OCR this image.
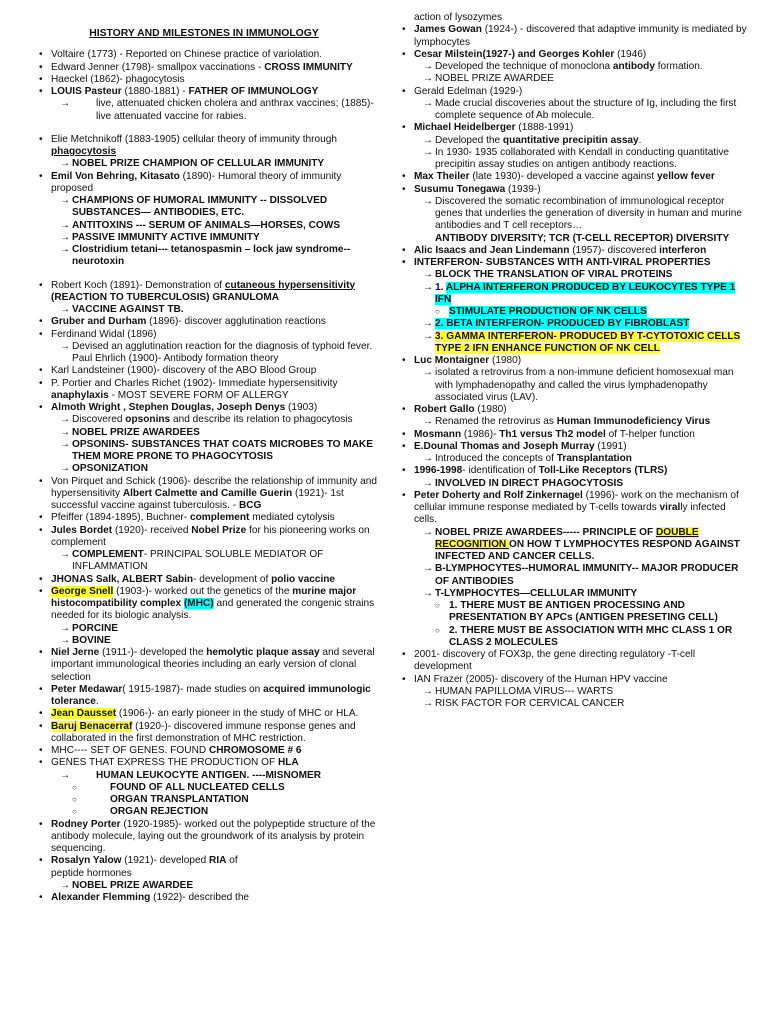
HISTORY AND MILESTONES IN IMMUNOLOGY
• Voltaire (1773) - Reported on Chinese practice of variolation.
• Edward Jenner (1798)- smallpox vaccinations - CROSS IMMUNITY
• Haeckel (1862)- phagocytosis
• LOUIS Pasteur (1880-1881) - FATHER OF IMMUNOLOGY
→ live, attenuated chicken cholera and anthrax vaccines; (1885)- live attenuated vaccine for rabies.
• Elie Metchnikoff (1883-1905) cellular theory of immunity through phagocytosis
→ NOBEL PRIZE CHAMPION OF CELLULAR IMMUNITY
• Emil Von Behring, Kitasato (1890)- Humoral theory of immunity proposed
→ CHAMPIONS OF HUMORAL IMMUNITY -- DISSOLVED SUBSTANCES— ANTIBODIES, ETC.
→ ANTITOXINS --- SERUM OF ANIMALS—HORSES, COWS
→ PASSIVE IMMUNITY ACTIVE IMMUNITY
→ Clostridium tetani--- tetanospasmin – lock jaw syndrome-- neurotoxin
• Robert Koch (1891)- Demonstration of cutaneous hypersensitivity (REACTION TO TUBERCULOSIS) GRANULOMA
→ VACCINE AGAINST TB.
• Gruber and Durham (1896)- discover agglutination reactions
• Ferdinand Widal (1896)
→ Devised an agglutination reaction for the diagnosis of typhoid fever. Paul Ehrlich (1900)- Antibody formation theory
• Karl Landsteiner (1900)- discovery of the ABO Blood Group
• P. Portier and Charles Richet (1902)- Immediate hypersensitivity anaphylaxis - MOST SEVERE FORM OF ALLERGY
• Almoth Wright , Stephen Douglas, Joseph Denys (1903)
→ Discovered opsonins and describe its relation to phagocytosis
→ NOBEL PRIZE AWARDEES
→ OPSONINS- SUBSTANCES THAT COATS MICROBES TO MAKE THEM MORE PRONE TO PHAGOCYTOSIS
→ OPSONIZATION
• Von Pirquet and Schick (1906)- describe the relationship of immunity and hypersensitivity Albert Calmette and Camille Guerin (1921)- 1st successful vaccine against tuberculosis. - BCG
• Pfeiffer (1894-1895), Buchner- complement mediated cytolysis
• Jules Bordet (1920)- received Nobel Prize for his pioneering works on complement
→ COMPLEMENT- PRINCIPAL SOLUBLE MEDIATOR OF INFLAMMATION
• JHONAS Salk, ALBERT Sabin- development of polio vaccine
• George Snell (1903-)- worked out the genetics of the murine major histocompatibility complex (MHC) and generated the congenic strains needed for its biologic analysis.
→ PORCINE
→ BOVINE
• Niel Jerne (1911-)- developed the hemolytic plaque assay and several important immunological theories including an early version of clonal selection
• Peter Medawar( 1915-1987)- made studies on acquired immunologic tolerance.
• Jean Dausset (1906-)- an early pioneer in the study of MHC or HLA.
• Baruj Benacerraf (1920-)- discovered immune response genes and collaborated in the first demonstration of MHC restriction.
• MHC---- SET OF GENES. FOUND CHROMOSOME # 6
• GENES THAT EXPRESS THE PRODUCTION OF HLA
→ HUMAN LEUKOCYTE ANTIGEN. ----MISNOMER
○ FOUND OF ALL NUCLEATED CELLS
○ ORGAN TRANSPLANTATION
○ ORGAN REJECTION
• Rodney Porter (1920-1985)- worked out the polypeptide structure of the antibody molecule, laying out the groundwork of its analysis by protein sequencing.
• Rosalyn Yalow (1921)- developed RIA of
peptide hormones
→ NOBEL PRIZE AWARDEE
• Alexander Flemming (1922)- described the
action of lysozymes
• James Gowan (1924-) - discovered that adaptive immunity is mediated by lymphocytes
• Cesar Milstein(1927-) and Georges Kohler (1946)
→ Developed the technique of monoclona antibody formation.
→ NOBEL PRIZE AWARDEE
• Gerald Edelman (1929-)
→ Made crucial discoveries about the structure of Ig, including the first complete sequence of Ab molecule.
• Michael Heidelberger (1888-1991)
→ Developed the quantitative precipitin assay.
→ In 1930- 1935 collaborated with Kendall in conducting quantitative precipitin assay studies on antigen antibody reactions.
• Max Theiler (late 1930)- developed a vaccine against yellow fever
• Susumu Tonegawa (1939-)
→ Discovered the somatic recombination of immunological receptor genes that underlies the generation of diversity in human and murine antibodies and T cell receptors…
ANTIBODY DIVERSITY; TCR (T-CELL RECEPTOR) DIVERSITY
• Alic Isaacs and Jean Lindemann (1957)- discovered interferon
• INTERFERON- SUBSTANCES WITH ANTI-VIRAL PROPERTIES
→ BLOCK THE TRANSLATION OF VIRAL PROTEINS
→ 1. ALPHA INTERFERON PRODUCED BY LEUKOCYTES TYPE 1 IFN
○ STIMULATE PRODUCTION OF NK CELLS
→ 2. BETA INTERFERON- PRODUCED BY FIBROBLAST
→ 3. GAMMA INTERFERON- PRODUCED BY T-CYTOTOXIC CELLS TYPE 2 IFN ENHANCE FUNCTION OF NK CELL
• Luc Montaigner (1980)
→ isolated a retrovirus from a non-immune deficient homosexual man with lymphadenopathy and called the virus lymphadenopathy associated virus (LAV).
• Robert Gallo (1980)
→ Renamed the retrovirus as Human Immunodeficiency Virus
• Mosmann (1986)- Th1 versus Th2 model of T-helper function
• E.Dounal Thomas and Joseph Murray (1991)
→ Introduced the concepts of Transplantation
• 1996-1998- identification of Toll-Like Receptors (TLRS)
→ INVOLVED IN DIRECT PHAGOCYTOSIS
• Peter Doherty and Rolf Zinkernagel (1996)- work on the mechanism of cellular immune response mediated by T-cells towards virally infected cells.
→ NOBEL PRIZE AWARDEES----- PRINCIPLE OF DOUBLE RECOGNITION ON HOW T LYMPHOCYTES RESPOND AGAINST INFECTED AND CANCER CELLS.
→ B-LYMPHOCYTES--HUMORAL IMMUNITY-- MAJOR PRODUCER OF ANTIBODIES
→ T-LYMPHOCYTES—CELLULAR IMMUNITY
○ 1. THERE MUST BE ANTIGEN PROCESSING AND PRESENTATION BY APCs (ANTIGEN PRESETING CELL)
○ 2. THERE MUST BE ASSOCIATION WITH MHC CLASS 1 OR CLASS 2 MOLECULES
• 2001- discovery of FOX3p, the gene directing regulatory -T-cell development
• IAN Frazer (2005)- discovery of the Human HPV vaccine
→ HUMAN PAPILLOMA VIRUS--- WARTS
→ RISK FACTOR FOR CERVICAL CANCER
